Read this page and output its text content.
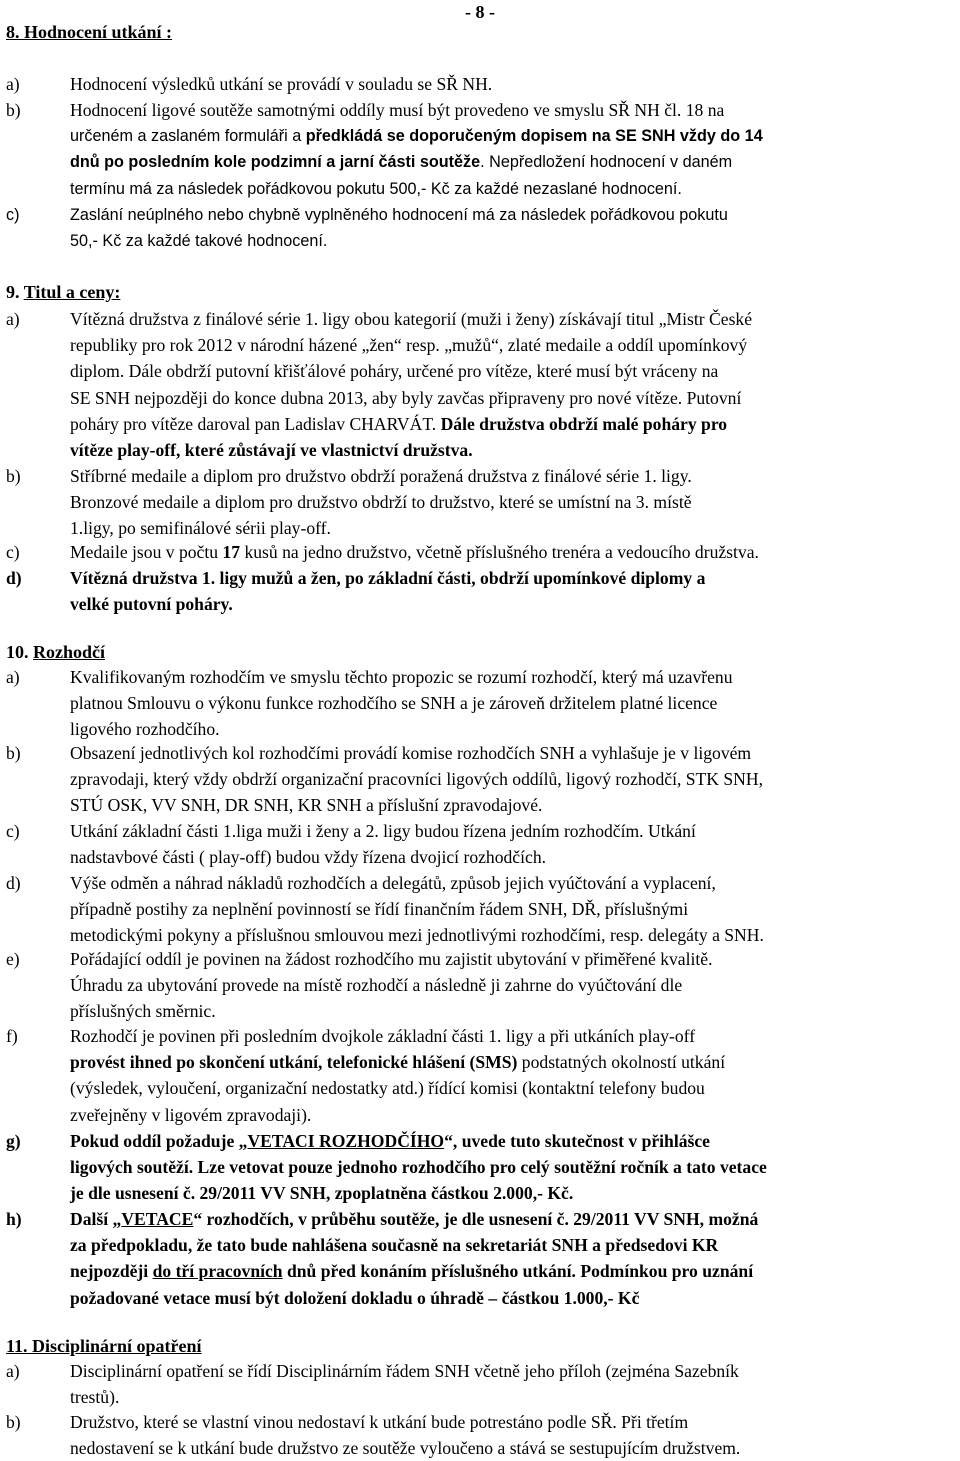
- 8 -
8. Hodnocení utkání :
a)	Hodnocení výsledků utkání se provádí v souladu se SŘ NH.
b)	Hodnocení ligové soutěže samotnými oddíly musí být provedeno ve smyslu SŘ NH čl. 18 na
určeném a zaslaném formuláři a předkládá se doporučeným dopisem na SE SNH vždy do 14
dnů po posledním kole podzimní a jarní části soutěže. Nepředložení hodnocení v daném
termínu má za následek pořádkovou pokutu 500,- Kč za každé nezaslané hodnocení.
c)	Zaslání neúplného nebo chybně vyplněného hodnocení má za následek pořádkovou pokutu
50,- Kč za každé takové hodnocení.
9. Titul a ceny:
a)	Vítězná družstva z finálové série 1. ligy obou kategorií (muži i ženy) získávají titul „Mistr České
republiky pro rok 2012 v národní házené „žen“ resp. „mužů“, zlaté medaile a oddíl upomínkový
diplom. Dále obdrží putovní křišťálové poháry, určené pro vítěze, které musí být vráceny na
SE SNH nejpozději do konce dubna 2013, aby byly zavčas připraveny pro nové vítěze. Putovní
poháry pro vítěze daroval pan Ladislav CHARVÁT. Dále družstva obdrží malé poháry pro
vítěze play-off, které zůstávají ve vlastnictví družstva.
b)	Stříbrné medaile a diplom pro družstvo obdrží poražená družstva z finálové série 1. ligy.
Bronzové medaile a diplom pro družstvo obdrží to družstvo, které se umístní na 3. místě
1.ligy, po semifinálové sérii play-off.
c)	Medaile jsou v počtu 17 kusů na jedno družstvo, včetně příslušného trenéra a vedoucího družstva.
d)	Vítězná družstva 1. ligy mužů a žen, po základní části, obdrží upomínkové diplomy a
velké putovní poháry.
10. Rozhodčí
a)	Kvalifikovaným rozhodčím ve smyslu těchto propozic se rozumí rozhodčí, který má uzavřenu
platnou Smlouvu o výkonu funkce rozhodčího se SNH a je zároveň držitelem platné licence
ligového rozhodčího.
b)	Obsazení jednotlivých kol rozhodčími provádí komise rozhodčích SNH a vyhlašuje je v ligovém
zpravodaji, který vždy obdrží organizační pracovníci ligových oddílů, ligový rozhodčí, STK SNH,
STÚ OSK, VV SNH, DR SNH, KR SNH a příslušní zpravodajové.
c)	Utkání základní části 1.liga muži i ženy a 2. ligy budou řízena jedním rozhodčím. Utkání
nadstavbové části ( play-off) budou vždy řízena dvojicí rozhodčích.
d)	Výše odměn a náhrad nákladů rozhodčích a delegátů, způsob jejich vyúčtování a vyplacení,
případně postihy za neplnění povinností se řídí finančním řádem SNH, DŘ, příslušnými
metodickými pokyny a příslušnou smlouvou mezi jednotlivými rozhodčími, resp. delegáty a SNH.
e)	Pořádající oddíl je povinen na žádost rozhodčího mu zajistit ubytování v přiměřené kvalitě.
Úhradu za ubytování provede na místě rozhodčí a následně ji zahrne do vyúčtování dle
příslušných směrnic.
f)	Rozhodčí je povinen při posledním dvojkole základní části 1. ligy a při utkáních play-off
provést ihned po skončení utkání, telefonické hlášení (SMS) podstatných okolností utkání
(výsledek, vyloučení, organizační nedostatky atd.) řídící komisi (kontaktní telefony budou
zveřejněny v ligovém zpravodaji).
g)	Pokud oddíl požaduje „VETACI ROZHODČÍHO“, uvede tuto skutečnost v přihlášce
ligových soutěží. Lze vetovat pouze jednoho rozhodčího pro celý soutěžní ročník a tato vetace
je dle usnesení č. 29/2011 VV SNH, zpoplatněna částkou 2.000,- Kč.
h)	Další „VETACE“ rozhodčích, v průběhu soutěže, je dle usnesení č. 29/2011 VV SNH, možná
za předpokladu, že tato bude nahlášena současně na sekretariát SNH a předsedovi KR
nejpozději do tří pracovních dnů před konáním příslušného utkání. Podmínkou pro uznání
požadované vetace musí být doložení dokladu o úhradě – částkou 1.000,- Kč
11. Disciplinární opatření
a)	Disciplinární opatření se řídí Disciplinárním řádem SNH včetně jeho příloh (zejména Sazebník
trestů).
b)	Družstvo, které se vlastní vinou nedostaví k utkání bude potrestáno podle SŘ. Při třetím
nedostavení se k utkání bude družstvo ze soutěže vyloučeno a stává se sestupujícím družstvem.
